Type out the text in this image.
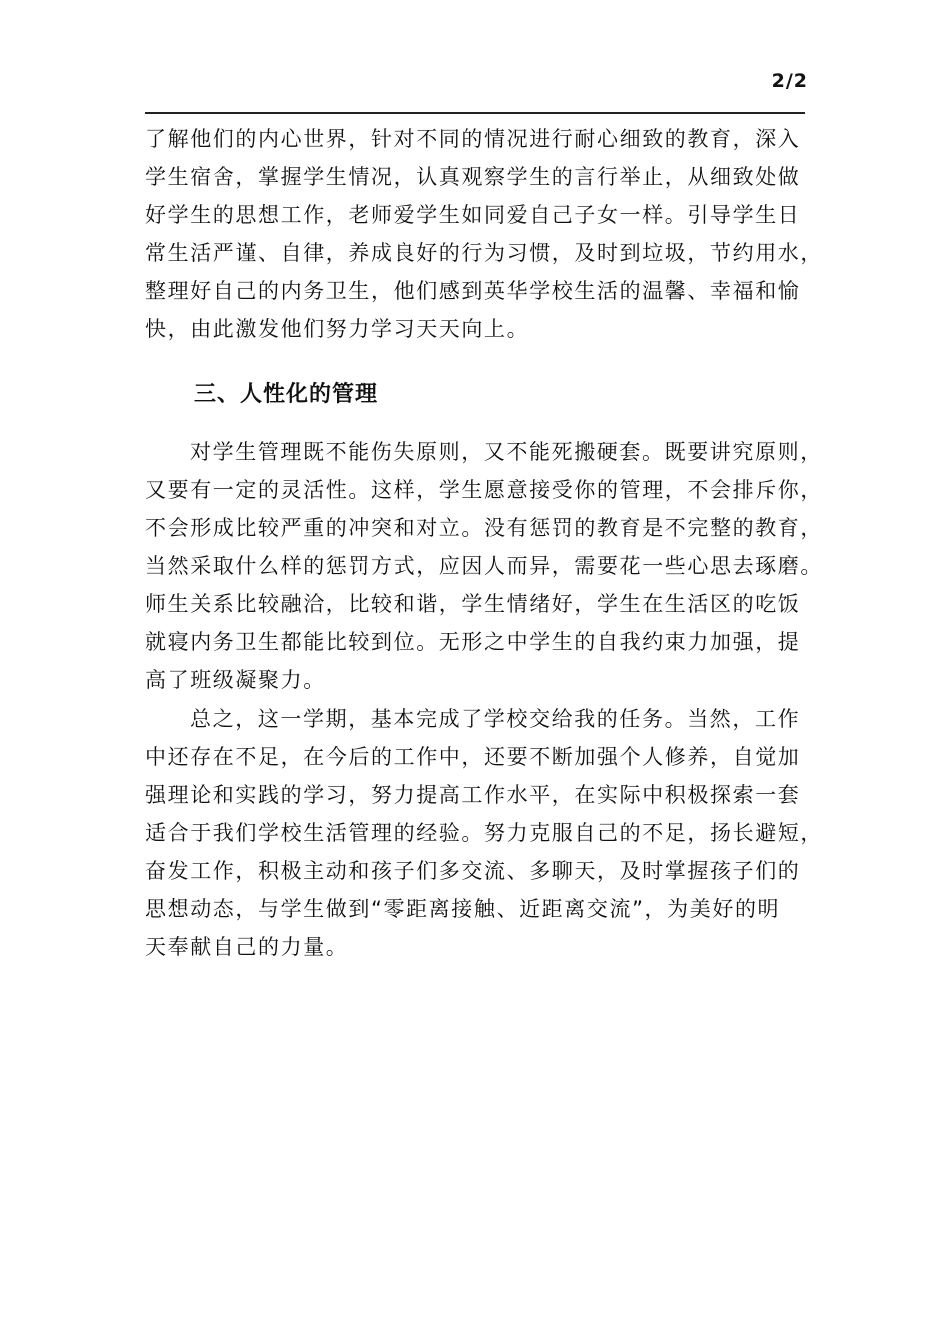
2/2
了解他们的内心世界，针对不同的情况进行耐心细致的教育，深入
学生宿舍，掌握学生情况，认真观察学生的言行举止，从细致处做
好学生的思想工作，老师爱学生如同爱自己子女一样。引导学生日
常生活严谨、自律，养成良好的行为习惯，及时到垃圾，节约用水，
整理好自己的内务卫生，他们感到英华学校生活的温馨、幸福和愉
快，由此激发他们努力学习天天向上。
三、人性化的管理
对学生管理既不能伤失原则，又不能死搬硬套。既要讲究原则，
又要有一定的灵活性。这样，学生愿意接受你的管理，不会排斥你，
不会形成比较严重的冲突和对立。没有惩罚的教育是不完整的教育，
当然采取什么样的惩罚方式，应因人而异，需要花一些心思去琢磨。
师生关系比较融洽，比较和谐，学生情绪好，学生在生活区的吃饭
就寝内务卫生都能比较到位。无形之中学生的自我约束力加强，提
高了班级凝聚力。
总之，这一学期，基本完成了学校交给我的任务。当然，工作
中还存在不足，在今后的工作中，还要不断加强个人修养，自觉加
强理论和实践的学习，努力提高工作水平，在实际中积极探索一套
适合于我们学校生活管理的经验。努力克服自己的不足，扬长避短，
奋发工作，积极主动和孩子们多交流、多聊天，及时掌握孩子们的
思想动态，与学生做到“零距离接触、近距离交流”，为美好的明
天奉献自己的力量。
